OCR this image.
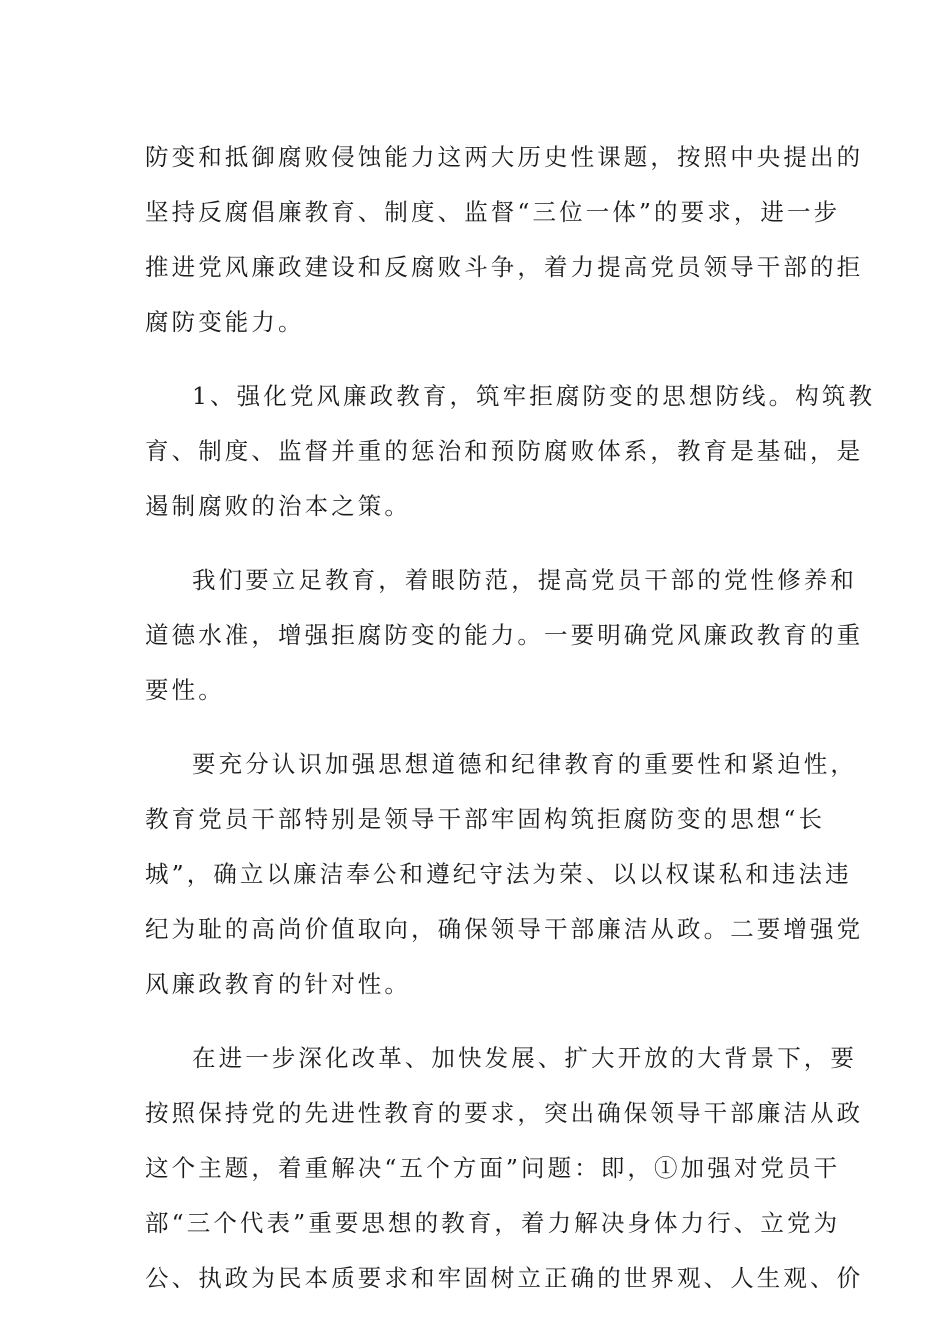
防变和抵御腐败侵蚀能力这两大历史性课题，按照中央提出的
坚持反腐倡廉教育、制度、监督“三位一体”的要求，进一步
推进党风廉政建设和反腐败斗争，着力提高党员领导干部的拒
腐防变能力。

1、强化党风廉政教育，筑牢拒腐防变的思想防线。构筑教
育、制度、监督并重的惩治和预防腐败体系，教育是基础，是
遏制腐败的治本之策。

我们要立足教育，着眼防范，提高党员干部的党性修养和
道德水准，增强拒腐防变的能力。一要明确党风廉政教育的重
要性。

要充分认识加强思想道德和纪律教育的重要性和紧迫性，
教育党员干部特别是领导干部牢固构筑拒腐防变的思想“长
城”，确立以廉洁奉公和遵纪守法为荣、以以权谋私和违法违
纪为耻的高尚价值取向，确保领导干部廉洁从政。二要增强党
风廉政教育的针对性。

在进一步深化改革、加快发展、扩大开放的大背景下，要
按照保持党的先进性教育的要求，突出确保领导干部廉洁从政
这个主题，着重解决“五个方面”问题：即，①加强对党员干
部“三个代表”重要思想的教育，着力解决身体力行、立党为
公、执政为民本质要求和牢固树立正确的世界观、人生观、价
